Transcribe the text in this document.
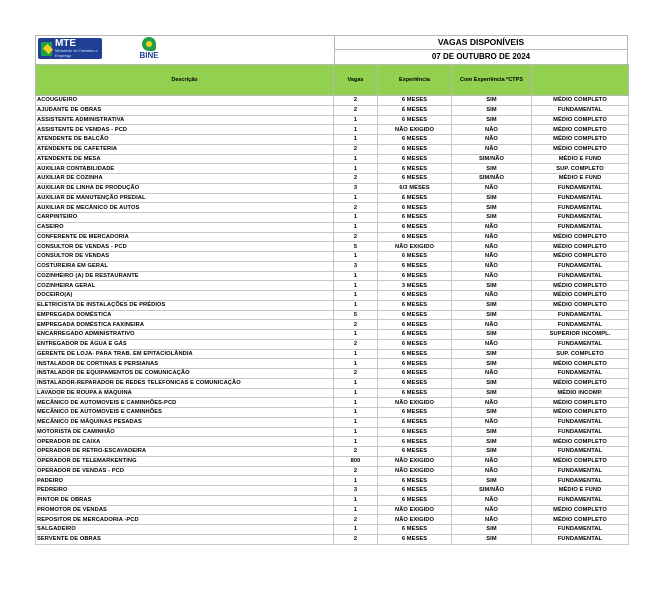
MTE
Ministério do Trabalho e Emprego	BINE
VAGAS DISPONÍVEIS
07 DE OUTUBRO DE 2024
Descrição	Vagas	Experiência	Com Experiência *CTPS	
ACOUGUEIRO	2	6 MESES	SIM	MÉDIO COMPLETO
AJUDANTE DE OBRAS	2	6 MESES	SIM	FUNDAMENTAL
ASSISTENTE ADMINISTRATIVA	1	6 MESES	SIM	MÉDIO COMPLETO
ASSISTENTE DE VENDAS - PCD	1	NÃO EXIGIDO	NÃO	MÉDIO COMPLETO
ATENDENTE DE BALCÃO	1	6 MESES	NÃO	MÉDIO COMPLETO
ATENDENTE DE CAFETERIA	2	6 MESES	NÃO	MÉDIO COMPLETO
ATENDENTE DE MESA	1	6 MESES	SIM/NÃO	MÉDIO E FUND
AUXILIAR CONTABILIDADE	1	6 MESES	SIM	SUP. COMPLETO
AUXILIAR DE COZINHA	2	6 MESES	SIM/NÃO	MÉDIO E FUND
AUXILIAR DE LINHA DE PRODUÇÃO	3	6/3 MESES	NÃO	FUNDAMENTAL
AUXILIAR DE MANUTENÇÃO PREDIAL	1	6 MESES	SIM	FUNDAMENTAL
AUXILIAR DE MECÂNICO DE AUTOS	2	6 MESES	SIM	FUNDAMENTAL
CARPINTEIRO	1	6 MESES	SIM	FUNDAMENTAL
CASEIRO	1	6 MESES	NÃO	FUNDAMENTAL
CONFERENTE DE MERCADORIA	2	6 MESES	NÃO	MÉDIO COMPLETO
CONSULTOR DE VENDAS - PCD	5	NÃO EXIGIDO	NÃO	MÉDIO COMPLETO
CONSULTOR DE VENDAS	1	6 MESES	NÃO	MÉDIO COMPLETO
COSTUREIRA EM GERAL	3	6 MESES	NÃO	FUNDAMENTAL
COZINHEIRO (A) DE RESTAURANTE	1	6 MESES	NÃO	FUNDAMENTAL
COZINHEIRA GERAL	1	3 MESES	SIM	MÉDIO COMPLETO
DOCEIRO(A)	1	6 MESES	NÃO	MÉDIO COMPLETO
ELETRICISTA DE INSTALAÇÕES DE PRÉDIOS	1	6 MESES	SIM	MÉDIO COMPLETO
EMPREGADA DOMÉSTICA	5	6 MESES	SIM	FUNDAMENTAL
EMPREGADA DOMÉSTICA FAXINEIRA	2	6 MESES	NÃO	FUNDAMENTAL
ENCARREGADO ADMINISTRATIVO	1	6 MESES	SIM	SUPERIOR INCOMPL.
ENTREGADOR DE ÁGUA E GÁS	2	6 MESES	NÃO	FUNDAMENTAL
GERENTE DE LOJA- PARA TRAB. EM EPITACIOLÂNDIA	1	6 MESES	SIM	SUP. COMPLETO
INSTALADOR DE CORTINAS E PERSIANAS	1	6 MESES	SIM	MÉDIO COMPLETO
INSTALADOR DE EQUIPAMENTOS DE COMUNICAÇÃO	2	6 MESES	NÃO	FUNDAMENTAL
INSTALADOR-REPARADOR DE REDES TELEFONICAS E COMUNICAÇÃO	1	6 MESES	SIM	MÉDIO COMPLETO
LAVADOR DE ROUPA A MAQUINA	1	6 MESES	SIM	MÉDIO INCOMP.
MECÂNICO DE AUTOMOVEIS E CAMINHÕES-PCD	1	NÃO EXIGIDO	NÃO	MÉDIO COMPLETO
MECÂNICO DE AUTOMOVEIS E CAMINHÕES	1	6 MESES	SIM	MÉDIO COMPLETO
MECÂNICO DE MÁQUINAS PESADAS	1	6 MESES	NÃO	FUNDAMENTAL
MOTORISTA DE CAMINHÃO	1	6 MESES	SIM	FUNDAMENTAL
OPERADOR DE CAIXA	1	6 MESES	SIM	MÉDIO COMPLETO
OPERADOR DE RETRO-ESCAVADEIRA	2	6 MESES	SIM	FUNDAMENTAL
OPERADOR DE TELEMARKENTING	800	NÃO EXIGIDO	NÃO	MÉDIO COMPLETO
OPERADOR DE VENDAS - PCD	2	NÃO EXIGIDO	NÃO	FUNDAMENTAL
PADEIRO	1	6 MESES	SIM	FUNDAMENTAL
PEDREIRO	3	6 MESES	SIM/NÃO	MÉDIO E FUND
PINTOR DE OBRAS	1	6 MESES	NÃO	FUNDAMENTAL
PROMOTOR DE VENDAS	1	NÃO EXIGIDO	NÃO	MÉDIO COMPLETO
REPOSITOR DE MERCADORIA -PCD	2	NÃO EXIGIDO	NÃO	MÉDIO COMPLETO
SALGADEIRO	1	6 MESES	SIM	FUNDAMENTAL
SERVENTE DE OBRAS	2	6 MESES	SIM	FUNDAMENTAL
